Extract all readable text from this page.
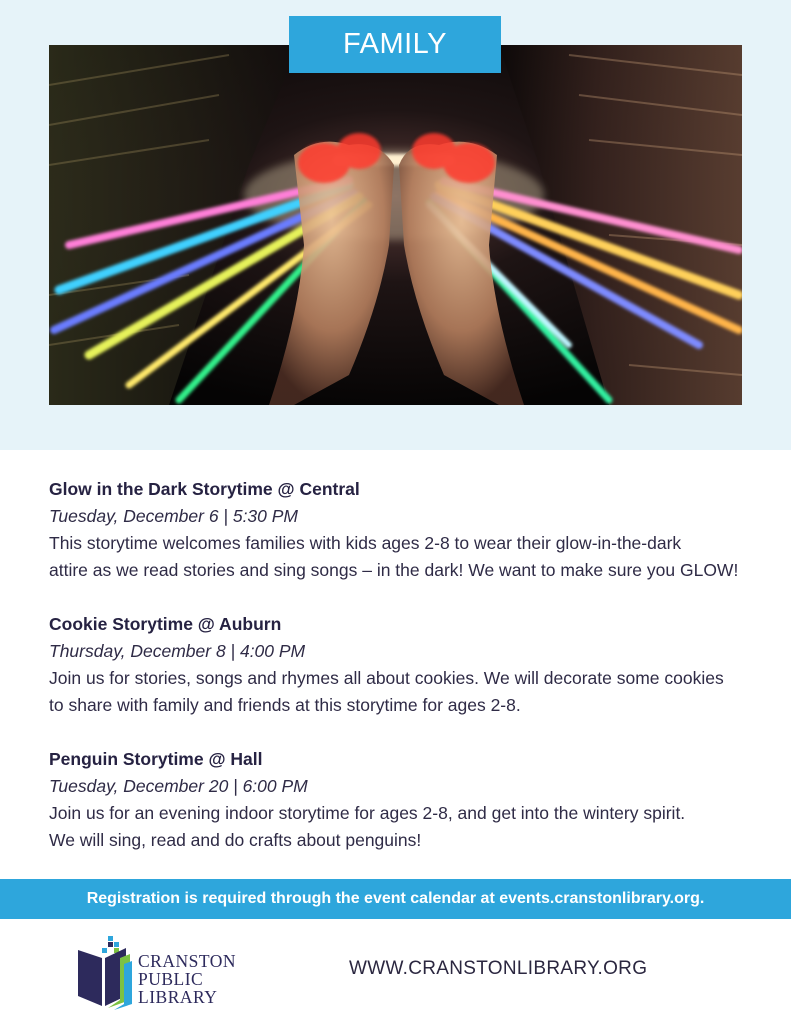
FAMILY
Glow in the Dark Storytime @ Central
Tuesday, December 6 | 5:30 PM
This storytime welcomes families with kids ages 2-8 to wear their glow-in-the-dark
attire as we read stories and sing songs – in the dark! We want to make sure you GLOW!
Cookie Storytime @ Auburn
Thursday, December 8 | 4:00 PM
Join us for stories, songs and rhymes all about cookies. We will decorate some cookies
to share with family and friends at this storytime for ages 2-8.
Penguin Storytime @ Hall
Tuesday, December 20 | 6:00 PM
Join us for an evening indoor storytime for ages 2-8, and get into the wintery spirit.
We will sing, read and do crafts about penguins!
Registration is required through the event calendar at events.cranstonlibrary.org.
CRANSTON
PUBLIC
LIBRARY
WWW.CRANSTONLIBRARY.ORG
